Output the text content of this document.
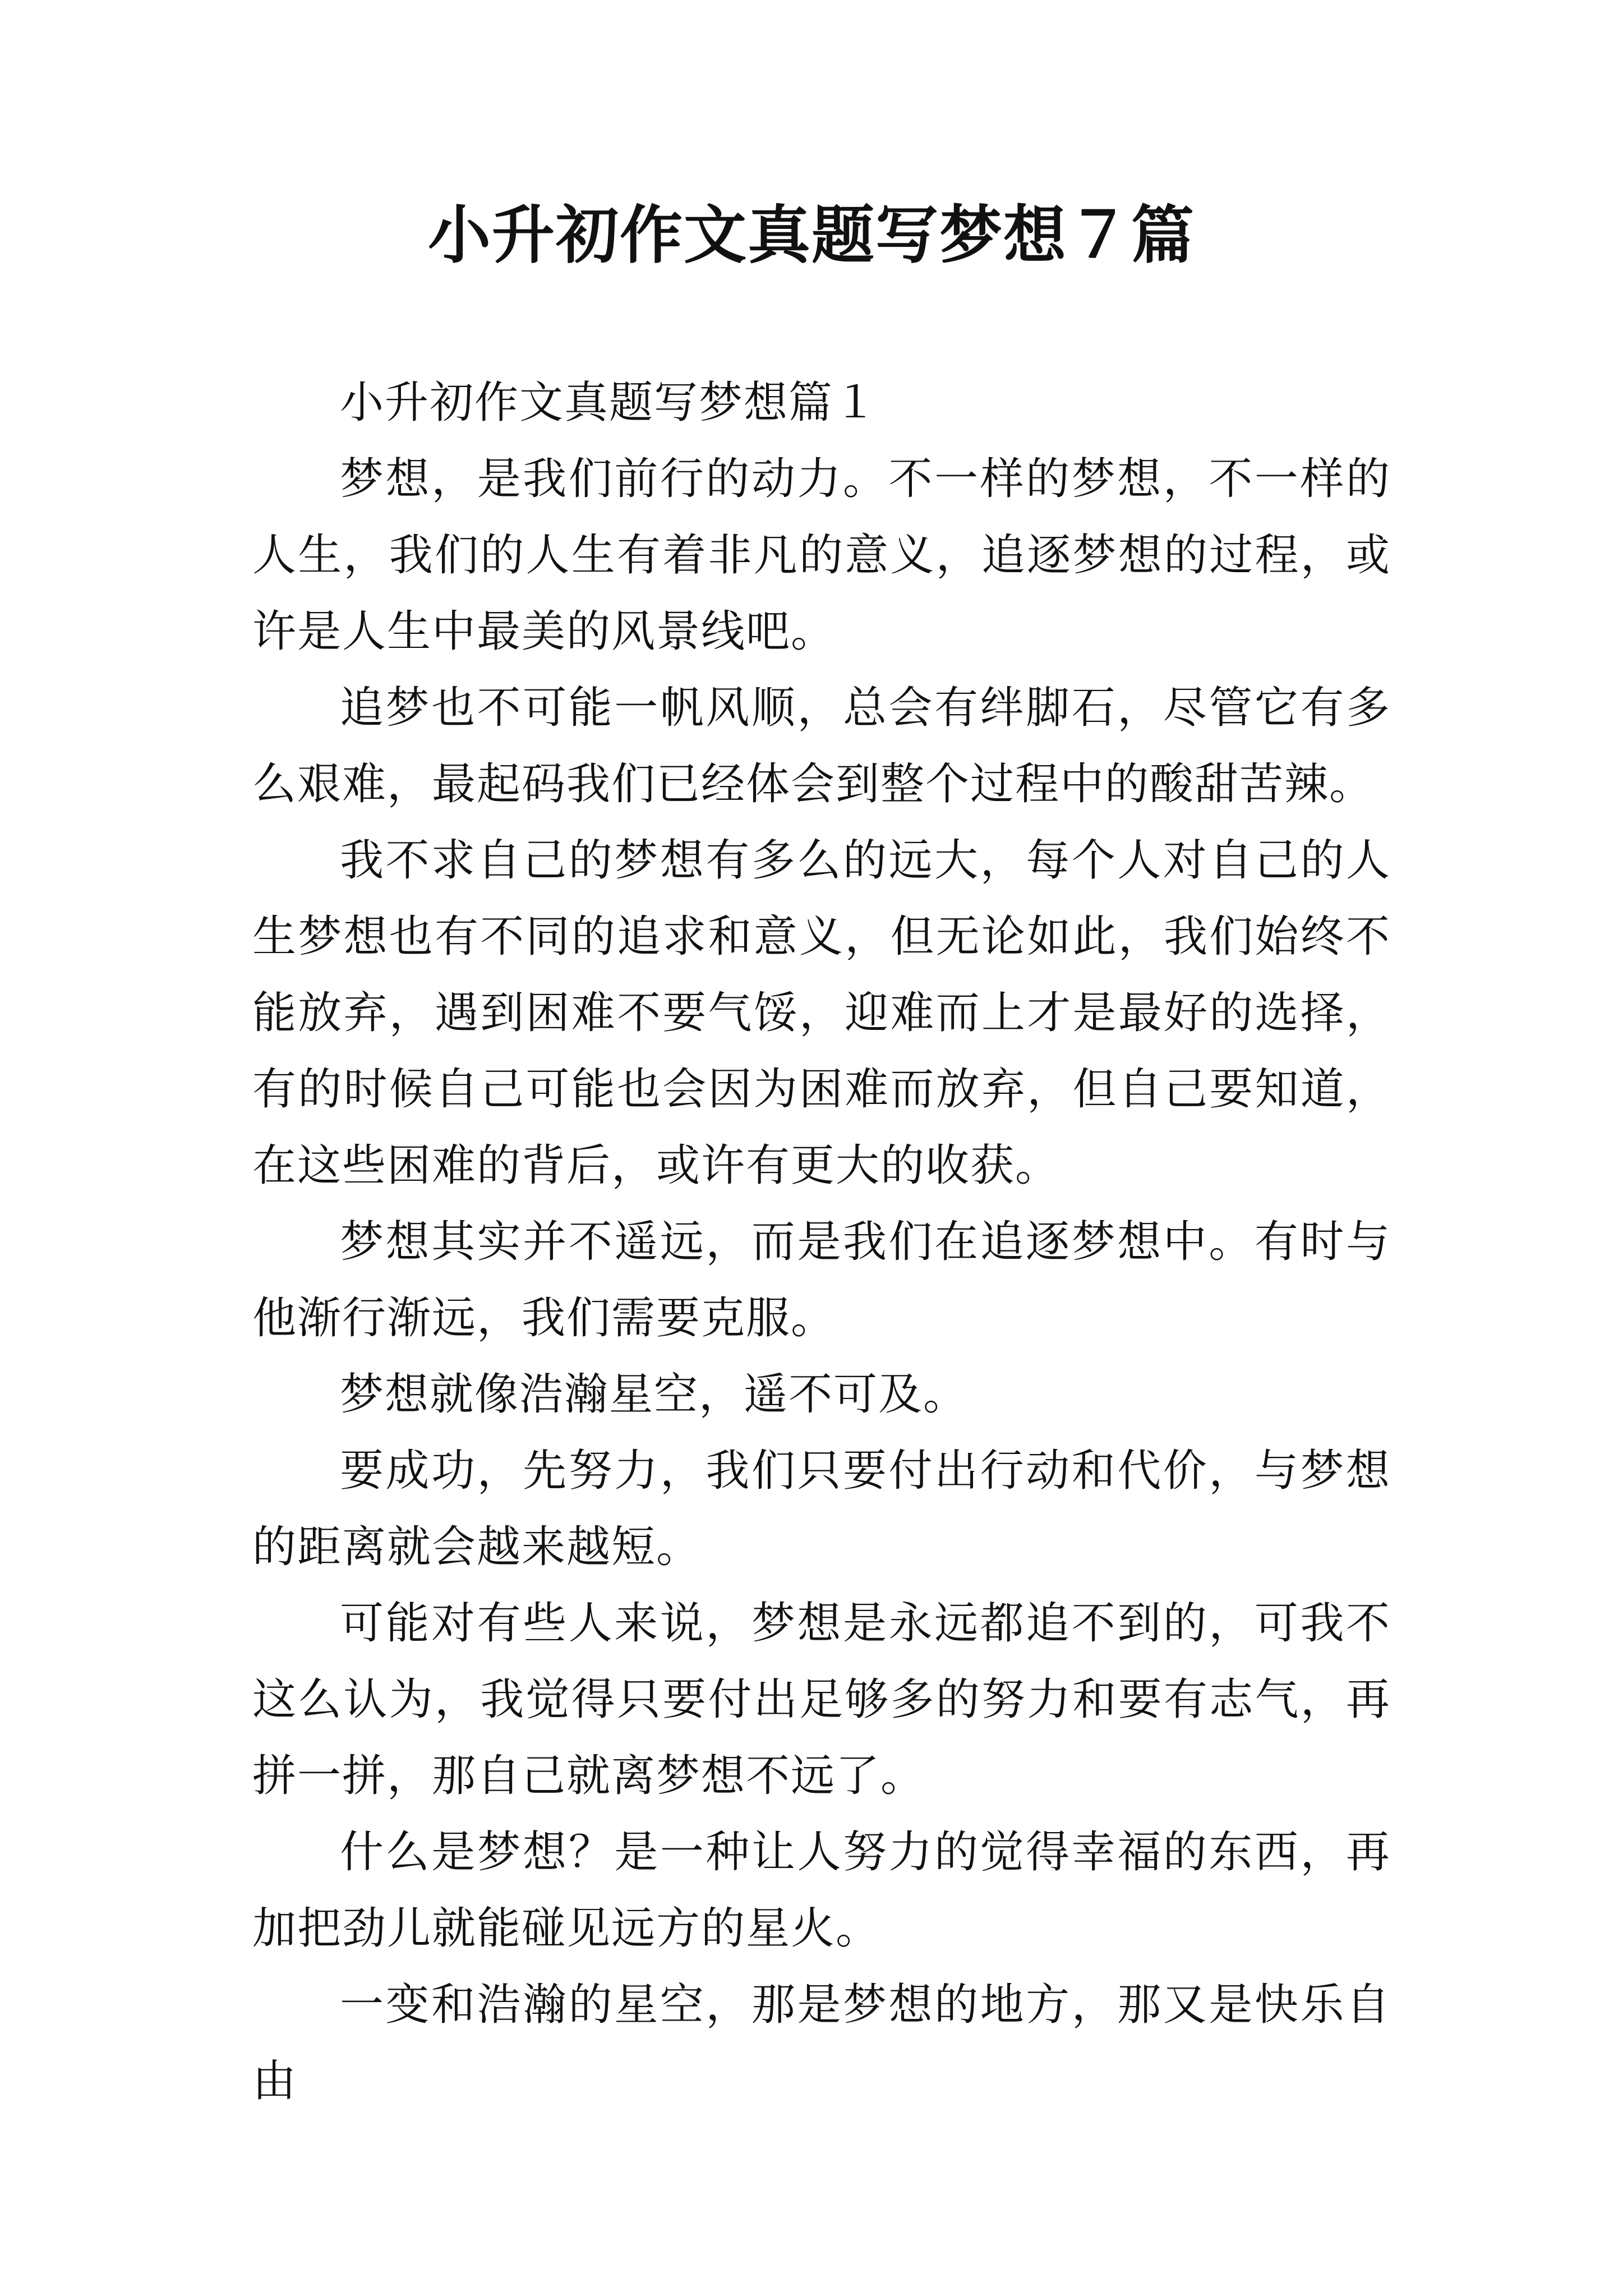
小升初作文真题写梦想７篇

小升初作文真题写梦想篇１

梦想，是我们前行的动力。不一样的梦想，不一样的人生，我们的人生有着非凡的意义，追逐梦想的过程，或许是人生中最美的风景线吧。

追梦也不可能一帆风顺，总会有绊脚石，尽管它有多么艰难，最起码我们已经体会到整个过程中的酸甜苦辣。

我不求自己的梦想有多么的远大，每个人对自己的人生梦想也有不同的追求和意义，但无论如此，我们始终不能放弃，遇到困难不要气馁，迎难而上才是最好的选择，有的时候自己可能也会因为困难而放弃，但自己要知道，在这些困难的背后，或许有更大的收获。

梦想其实并不遥远，而是我们在追逐梦想中。有时与他渐行渐远，我们需要克服。

梦想就像浩瀚星空，遥不可及。

要成功，先努力，我们只要付出行动和代价，与梦想的距离就会越来越短。

可能对有些人来说，梦想是永远都追不到的，可我不这么认为，我觉得只要付出足够多的努力和要有志气，再拼一拼，那自己就离梦想不远了。

什么是梦想？是一种让人努力的觉得幸福的东西，再加把劲儿就能碰见远方的星火。

一变和浩瀚的星空，那是梦想的地方，那又是快乐自由
